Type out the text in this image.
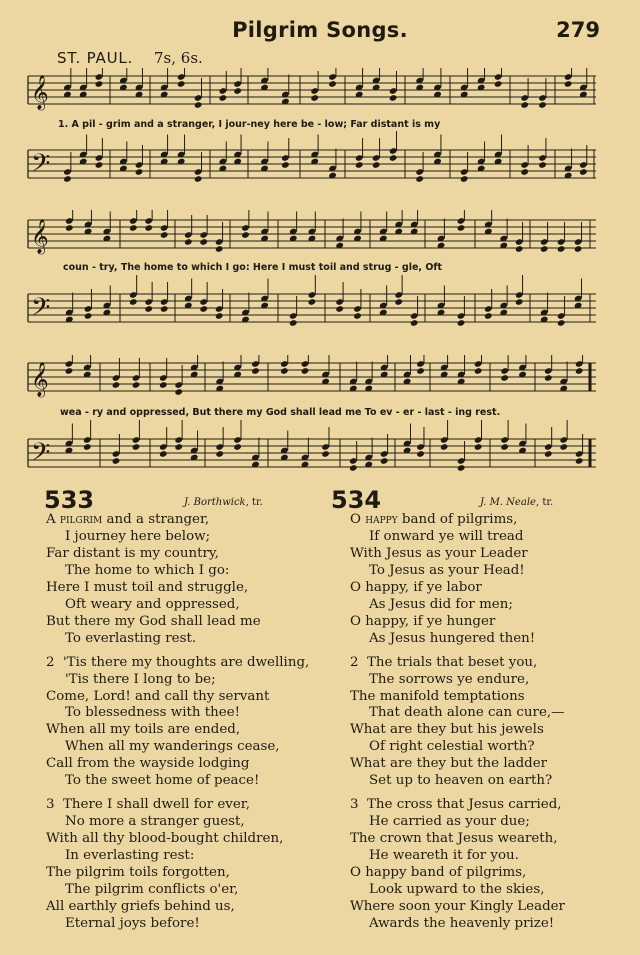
Pilgrim Songs.	279
ST. PAUL. 7s, 6s.
𝄞
𝄢
𝄞
𝄢
𝄞
𝄢
1. A pil - grim and a stranger, I jour-ney here be - low; Far distant is my
coun - try, The home to which I go: Here I must toil and strug - gle, Oft
wea - ry and oppressed, But there my God shall lead me To ev - er - last - ing rest.
533	J. Borthwick, tr.
A pilgrim and a stranger,
I journey here below;
Far distant is my country,
The home to which I go:
Here I must toil and struggle,
Oft weary and oppressed,
But there my God shall lead me
To everlasting rest.
2 'Tis there my thoughts are dwelling,
'Tis there I long to be;
Come, Lord! and call thy servant
To blessedness with thee!
When all my toils are ended,
When all my wanderings cease,
Call from the wayside lodging
To the sweet home of peace!
3 There I shall dwell for ever,
No more a stranger guest,
With all thy blood-bought children,
In everlasting rest:
The pilgrim toils forgotten,
The pilgrim conflicts o'er,
All earthly griefs behind us,
Eternal joys before!
534	J. M. Neale, tr.
O happy band of pilgrims,
If onward ye will tread
With Jesus as your Leader
To Jesus as your Head!
O happy, if ye labor
As Jesus did for men;
O happy, if ye hunger
As Jesus hungered then!
2 The trials that beset you,
The sorrows ye endure,
The manifold temptations
That death alone can cure,—
What are they but his jewels
Of right celestial worth?
What are they but the ladder
Set up to heaven on earth?
3 The cross that Jesus carried,
He carried as your due;
The crown that Jesus weareth,
He weareth it for you.
O happy band of pilgrims,
Look upward to the skies,
Where soon your Kingly Leader
Awards the heavenly prize!
